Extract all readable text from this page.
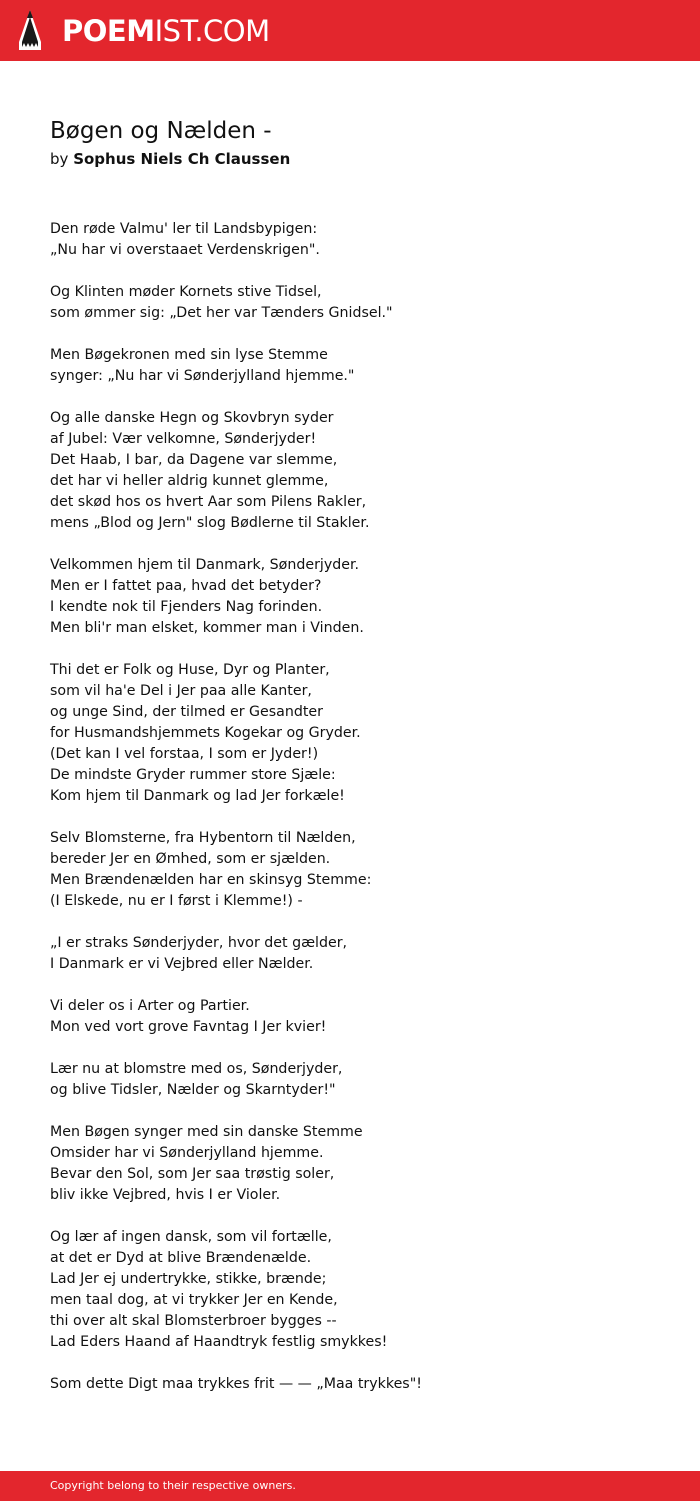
POEMIST.COM
Bøgen og Nælden -
by Sophus Niels Ch Claussen

Den røde Valmu' ler til Landsbypigen:
„Nu har vi overstaaet Verdenskrigen".

Og Klinten møder Kornets stive Tidsel,
som ømmer sig: „Det her var Tænders Gnidsel."

Men Bøgekronen med sin lyse Stemme
synger: „Nu har vi Sønderjylland hjemme."

Og alle danske Hegn og Skovbryn syder
af Jubel: Vær velkomne, Sønderjyder!
Det Haab, I bar, da Dagene var slemme,
det har vi heller aldrig kunnet glemme,
det skød hos os hvert Aar som Pilens Rakler,
mens „Blod og Jern" slog Bødlerne til Stakler.

Velkommen hjem til Danmark, Sønderjyder.
Men er I fattet paa, hvad det betyder?
I kendte nok til Fjenders Nag forinden.
Men bli'r man elsket, kommer man i Vinden.

Thi det er Folk og Huse, Dyr og Planter,
som vil ha'e Del i Jer paa alle Kanter,
og unge Sind, der tilmed er Gesandter
for Husmandshjemmets Kogekar og Gryder.
(Det kan I vel forstaa, I som er Jyder!)
De mindste Gryder rummer store Sjæle:
Kom hjem til Danmark og lad Jer forkæle!

Selv Blomsterne, fra Hybentorn til Nælden,
bereder Jer en Ømhed, som er sjælden.
Men Brændenælden har en skinsyg Stemme:
(I Elskede, nu er I først i Klemme!) -

„I er straks Sønderjyder, hvor det gælder,
I Danmark er vi Vejbred eller Nælder.

Vi deler os i Arter og Partier.
Mon ved vort grove Favntag I Jer kvier!

Lær nu at blomstre med os, Sønderjyder,
og blive Tidsler, Nælder og Skarntyder!"

Men Bøgen synger med sin danske Stemme
Omsider har vi Sønderjylland hjemme.
Bevar den Sol, som Jer saa trøstig soler,
bliv ikke Vejbred, hvis I er Violer.

Og lær af ingen dansk, som vil fortælle,
at det er Dyd at blive Brændenælde.
Lad Jer ej undertrykke, stikke, brænde;
men taal dog, at vi trykker Jer en Kende,
thi over alt skal Blomsterbroer bygges --
Lad Eders Haand af Haandtryk festlig smykkes!

Som dette Digt maa trykkes frit — — „Maa trykkes"!

Copyright belong to their respective owners.
